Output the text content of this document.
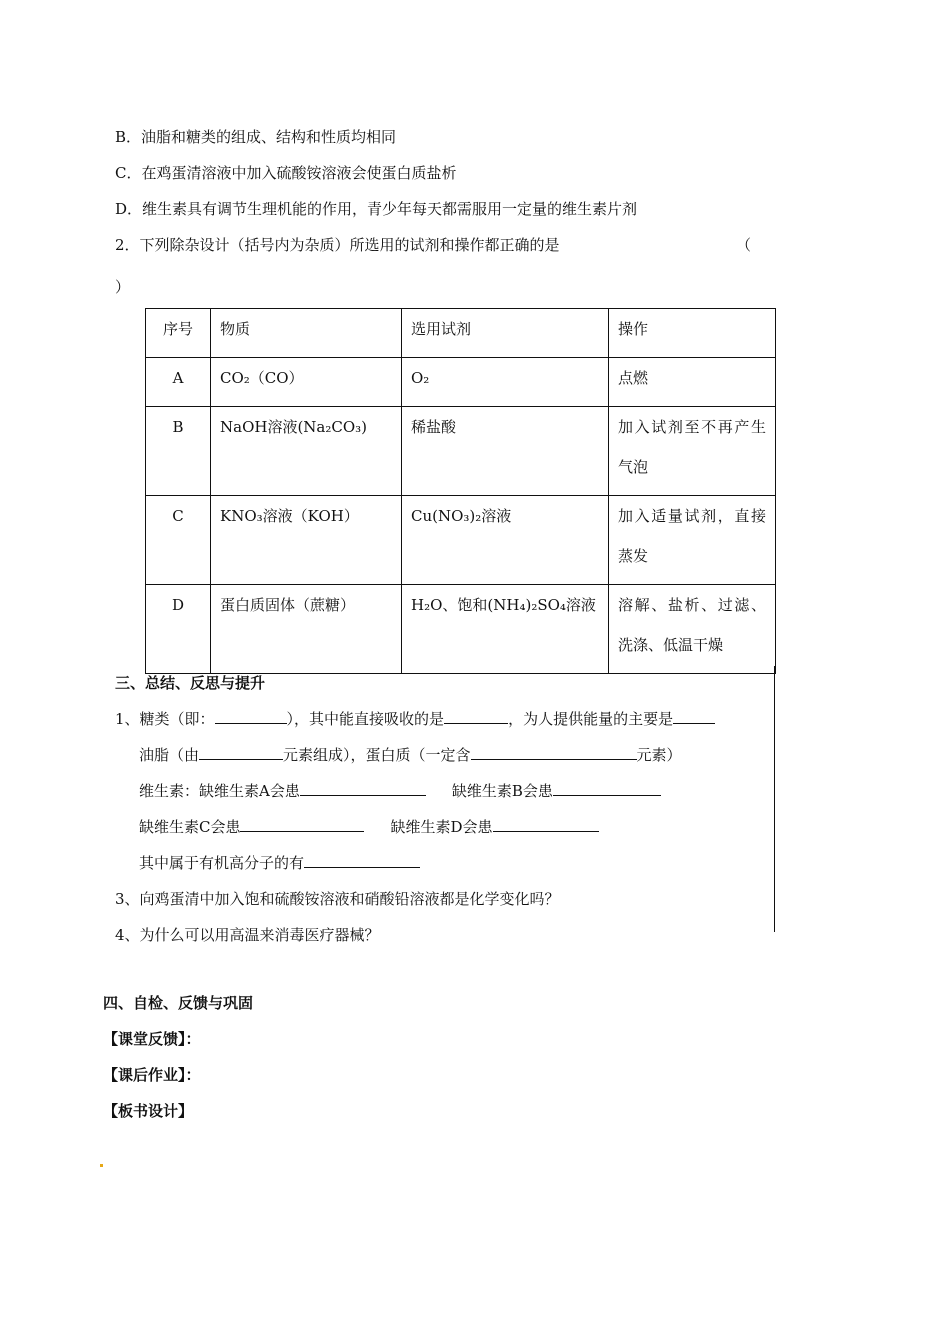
B．油脂和糖类的组成、结构和性质均相同
C．在鸡蛋清溶液中加入硫酸铵溶液会使蛋白质盐析
D．维生素具有调节生理机能的作用，青少年每天都需服用一定量的维生素片剂
2．下列除杂设计（括号内为杂质）所选用的试剂和操作都正确的是	（
）
序号	物质	选用试剂	操作

A	CO₂（CO）	O₂	点燃

B	NaOH溶液(Na₂CO₃)	稀盐酸	加入试剂至不再产生气泡

C	KNO₃溶液（KOH）	Cu(NO₃)₂溶液	加入适量试剂，直接蒸发

D	蛋白质固体（蔗糖）	H₂O、饱和(NH₄)₂SO₄溶液	溶解、盐析、过滤、洗涤、低温干燥
三、总结、反思与提升
1、糖类（即：	），其中能直接吸收的是	，为人提供能量的主要是
油脂（由	元素组成），蛋白质（一定含	元素）
维生素：缺维生素A会患	缺维生素B会患
缺维生素C会患	缺维生素D会患
其中属于有机高分子的有
3、向鸡蛋清中加入饱和硫酸铵溶液和硝酸铅溶液都是化学变化吗？
4、为什么可以用高温来消毒医疗器械？
四、自检、反馈与巩固
【课堂反馈】：
【课后作业】：
【板书设计】
